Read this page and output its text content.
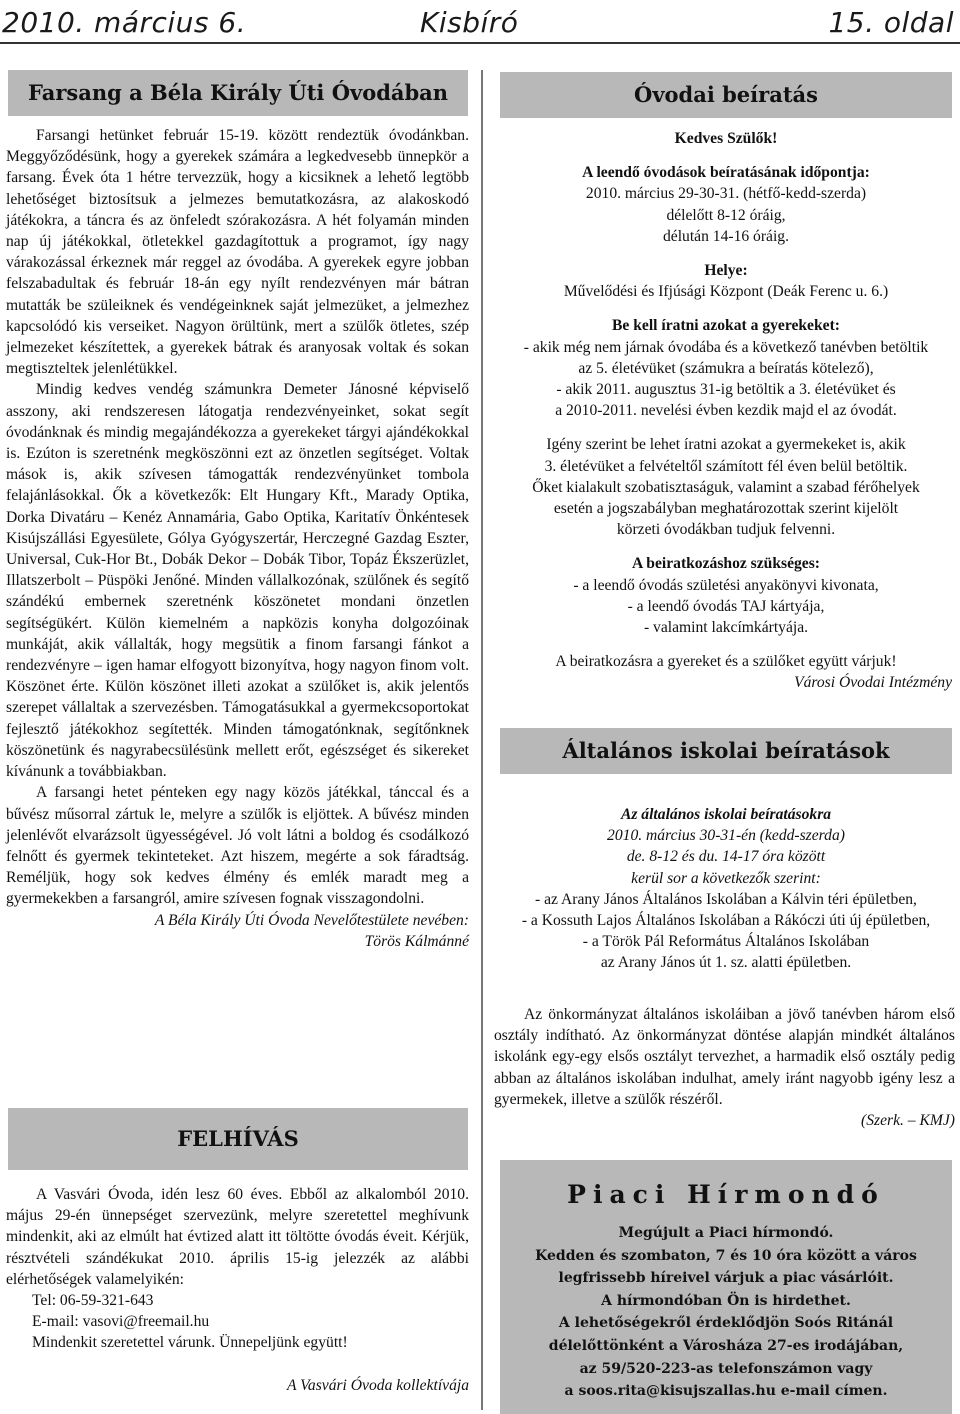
2010. március 6.	Kisbíró	15. oldal
Farsang a Béla Király Úti Óvodában

Farsangi hetünket február 15-19. között rendeztük óvodánkban. Meggyőződésünk, hogy a gyerekek számára a legkedvesebb ünnepkör a farsang. Évek óta 1 hétre tervezzük, hogy a kicsiknek a lehető legtöbb lehetőséget biztosítsuk a jelmezes bemutatkozásra, az alakoskodó játékokra, a táncra és az önfeledt szórakozásra. A hét folyamán minden nap új játékokkal, ötletekkel gazdagítottuk a programot, így nagy várakozással érkeznek már reggel az óvodába. A gyerekek egyre jobban felszabadultak és február 18-án egy nyílt rendezvényen már bátran mutatták be szüleiknek és vendégeinknek saját jelmezüket, a jelmezhez kapcsolódó kis verseiket. Nagyon örültünk, mert a szülők ötletes, szép jelmezeket készítettek, a gyerekek bátrak és aranyosak voltak és sokan megtiszteltek jelenlétükkel.

Mindig kedves vendég számunkra Demeter Jánosné képviselő asszony, aki rendszeresen látogatja rendezvényeinket, sokat segít óvodánknak és mindig megajándékozza a gyerekeket tárgyi ajándékokkal is. Ezúton is szeretnénk megköszönni ezt az önzetlen segítséget. Voltak mások is, akik szívesen támogatták rendezvényünket tombola felajánlásokkal. Ők a következők: Elt Hungary Kft., Marady Optika, Dorka Divatáru – Kenéz Annamária, Gabo Optika, Karitatív Önkéntesek Kisújszállási Egyesülete, Gólya Gyógyszertár, Herczegné Gazdag Eszter, Universal, Cuk-Hor Bt., Dobák Dekor – Dobák Tibor, Topáz Ékszerüzlet, Illatszerbolt – Püspöki Jenőné. Minden vállalkozónak, szülőnek és segítő szándékú embernek szeretnénk köszönetet mondani önzetlen segítségükért. Külön kiemelném a napközis konyha dolgozóinak munkáját, akik vállalták, hogy megsütik a finom farsangi fánkot a rendezvényre – igen hamar elfogyott bizonyítva, hogy nagyon finom volt. Köszönet érte. Külön köszönet illeti azokat a szülőket is, akik jelentős szerepet vállaltak a szervezésben. Támogatásukkal a gyermekcsoportokat fejlesztő játékokhoz segítették. Minden támogatónknak, segítőnknek köszönetünk és nagyrabecsülésünk mellett erőt, egészséget és sikereket kívánunk a továbbiakban.

A farsangi hetet pénteken egy nagy közös játékkal, tánccal és a bűvész műsorral zártuk le, melyre a szülők is eljöttek. A bűvész minden jelenlévőt elvarázsolt ügyességével. Jó volt látni a boldog és csodálkozó felnőtt és gyermek tekinteteket. Azt hiszem, megérte a sok fáradtság. Reméljük, hogy sok kedves élmény és emlék maradt meg a gyermekekben a farsangról, amire szívesen fognak visszagondolni.

A Béla Király Úti Óvoda Nevelőtestülete nevében:
Törös Kálmánné
FELHÍVÁS

A Vasvári Óvoda, idén lesz 60 éves. Ebből az alkalomból 2010. május 29-én ünnepséget szervezünk, melyre szeretettel meghívunk mindenkit, aki az elmúlt hat évtized alatt itt töltötte óvodás éveit. Kérjük, résztvételi szándékukat 2010. április 15-ig jelezzék az alábbi elérhetőségek valamelyikén:

Tel: 06-59-321-643
E-mail: vasovi@freemail.hu
Mindenkit szeretettel várunk. Ünnepeljünk együtt!
A Vasvári Óvoda kollektívája
Óvodai beíratás
Kedves Szülők!
A leendő óvodások beíratásának időpontja:
2010. március 29-30-31. (hétfő-kedd-szerda)
délelőtt 8-12 óráig,
délután 14-16 óráig.
Helye:
Művelődési és Ifjúsági Központ (Deák Ferenc u. 6.)
Be kell íratni azokat a gyerekeket:
- akik még nem járnak óvodába és a következő tanévben betöltik
az 5. életévüket (számukra a beíratás kötelező),
- akik 2011. augusztus 31-ig betöltik a 3. életévüket és
a 2010-2011. nevelési évben kezdik majd el az óvodát.
Igény szerint be lehet íratni azokat a gyermekeket is, akik
3. életévüket a felvételtől számított fél éven belül betöltik.
Őket kialakult szobatisztaságuk, valamint a szabad férőhelyek
esetén a jogszabályban meghatározottak szerint kijelölt
körzeti óvodákban tudjuk felvenni.
A beiratkozáshoz szükséges:
- a leendő óvodás születési anyakönyvi kivonata,
- a leendő óvodás TAJ kártyája,
- valamint lakcímkártyája.
A beiratkozásra a gyereket és a szülőket együtt várjuk!
Városi Óvodai Intézmény
Általános iskolai beíratások
Az általános iskolai beíratásokra
2010. március 30-31-én (kedd-szerda)
de. 8-12 és du. 14-17 óra között
kerül sor a következők szerint:
- az Arany János Általános Iskolában a Kálvin téri épületben,
- a Kossuth Lajos Általános Iskolában a Rákóczi úti új épületben,
- a Török Pál Református Általános Iskolában
az Arany János út 1. sz. alatti épületben.

Az önkormányzat általános iskoláiban a jövő tanévben három első osztály indítható. Az önkormányzat döntése alapján mindkét általános iskolánk egy-egy elsős osztályt tervezhet, a harmadik első osztály pedig abban az általános iskolában indulhat, amely iránt nagyobb igény lesz a gyermekek, illetve a szülők részéről.

(Szerk. – KMJ)
Piaci Hírmondó
Megújult a Piaci hírmondó.
Kedden és szombaton, 7 és 10 óra között a város
legfrissebb híreivel várjuk a piac vásárlóit.
A hírmondóban Ön is hirdethet.
A lehetőségekről érdeklődjön Soós Ritánál
délelőttönként a Városháza 27-es irodájában,
az 59/520-223-as telefonszámon vagy
a soos.rita@kisujszallas.hu e-mail címen.
